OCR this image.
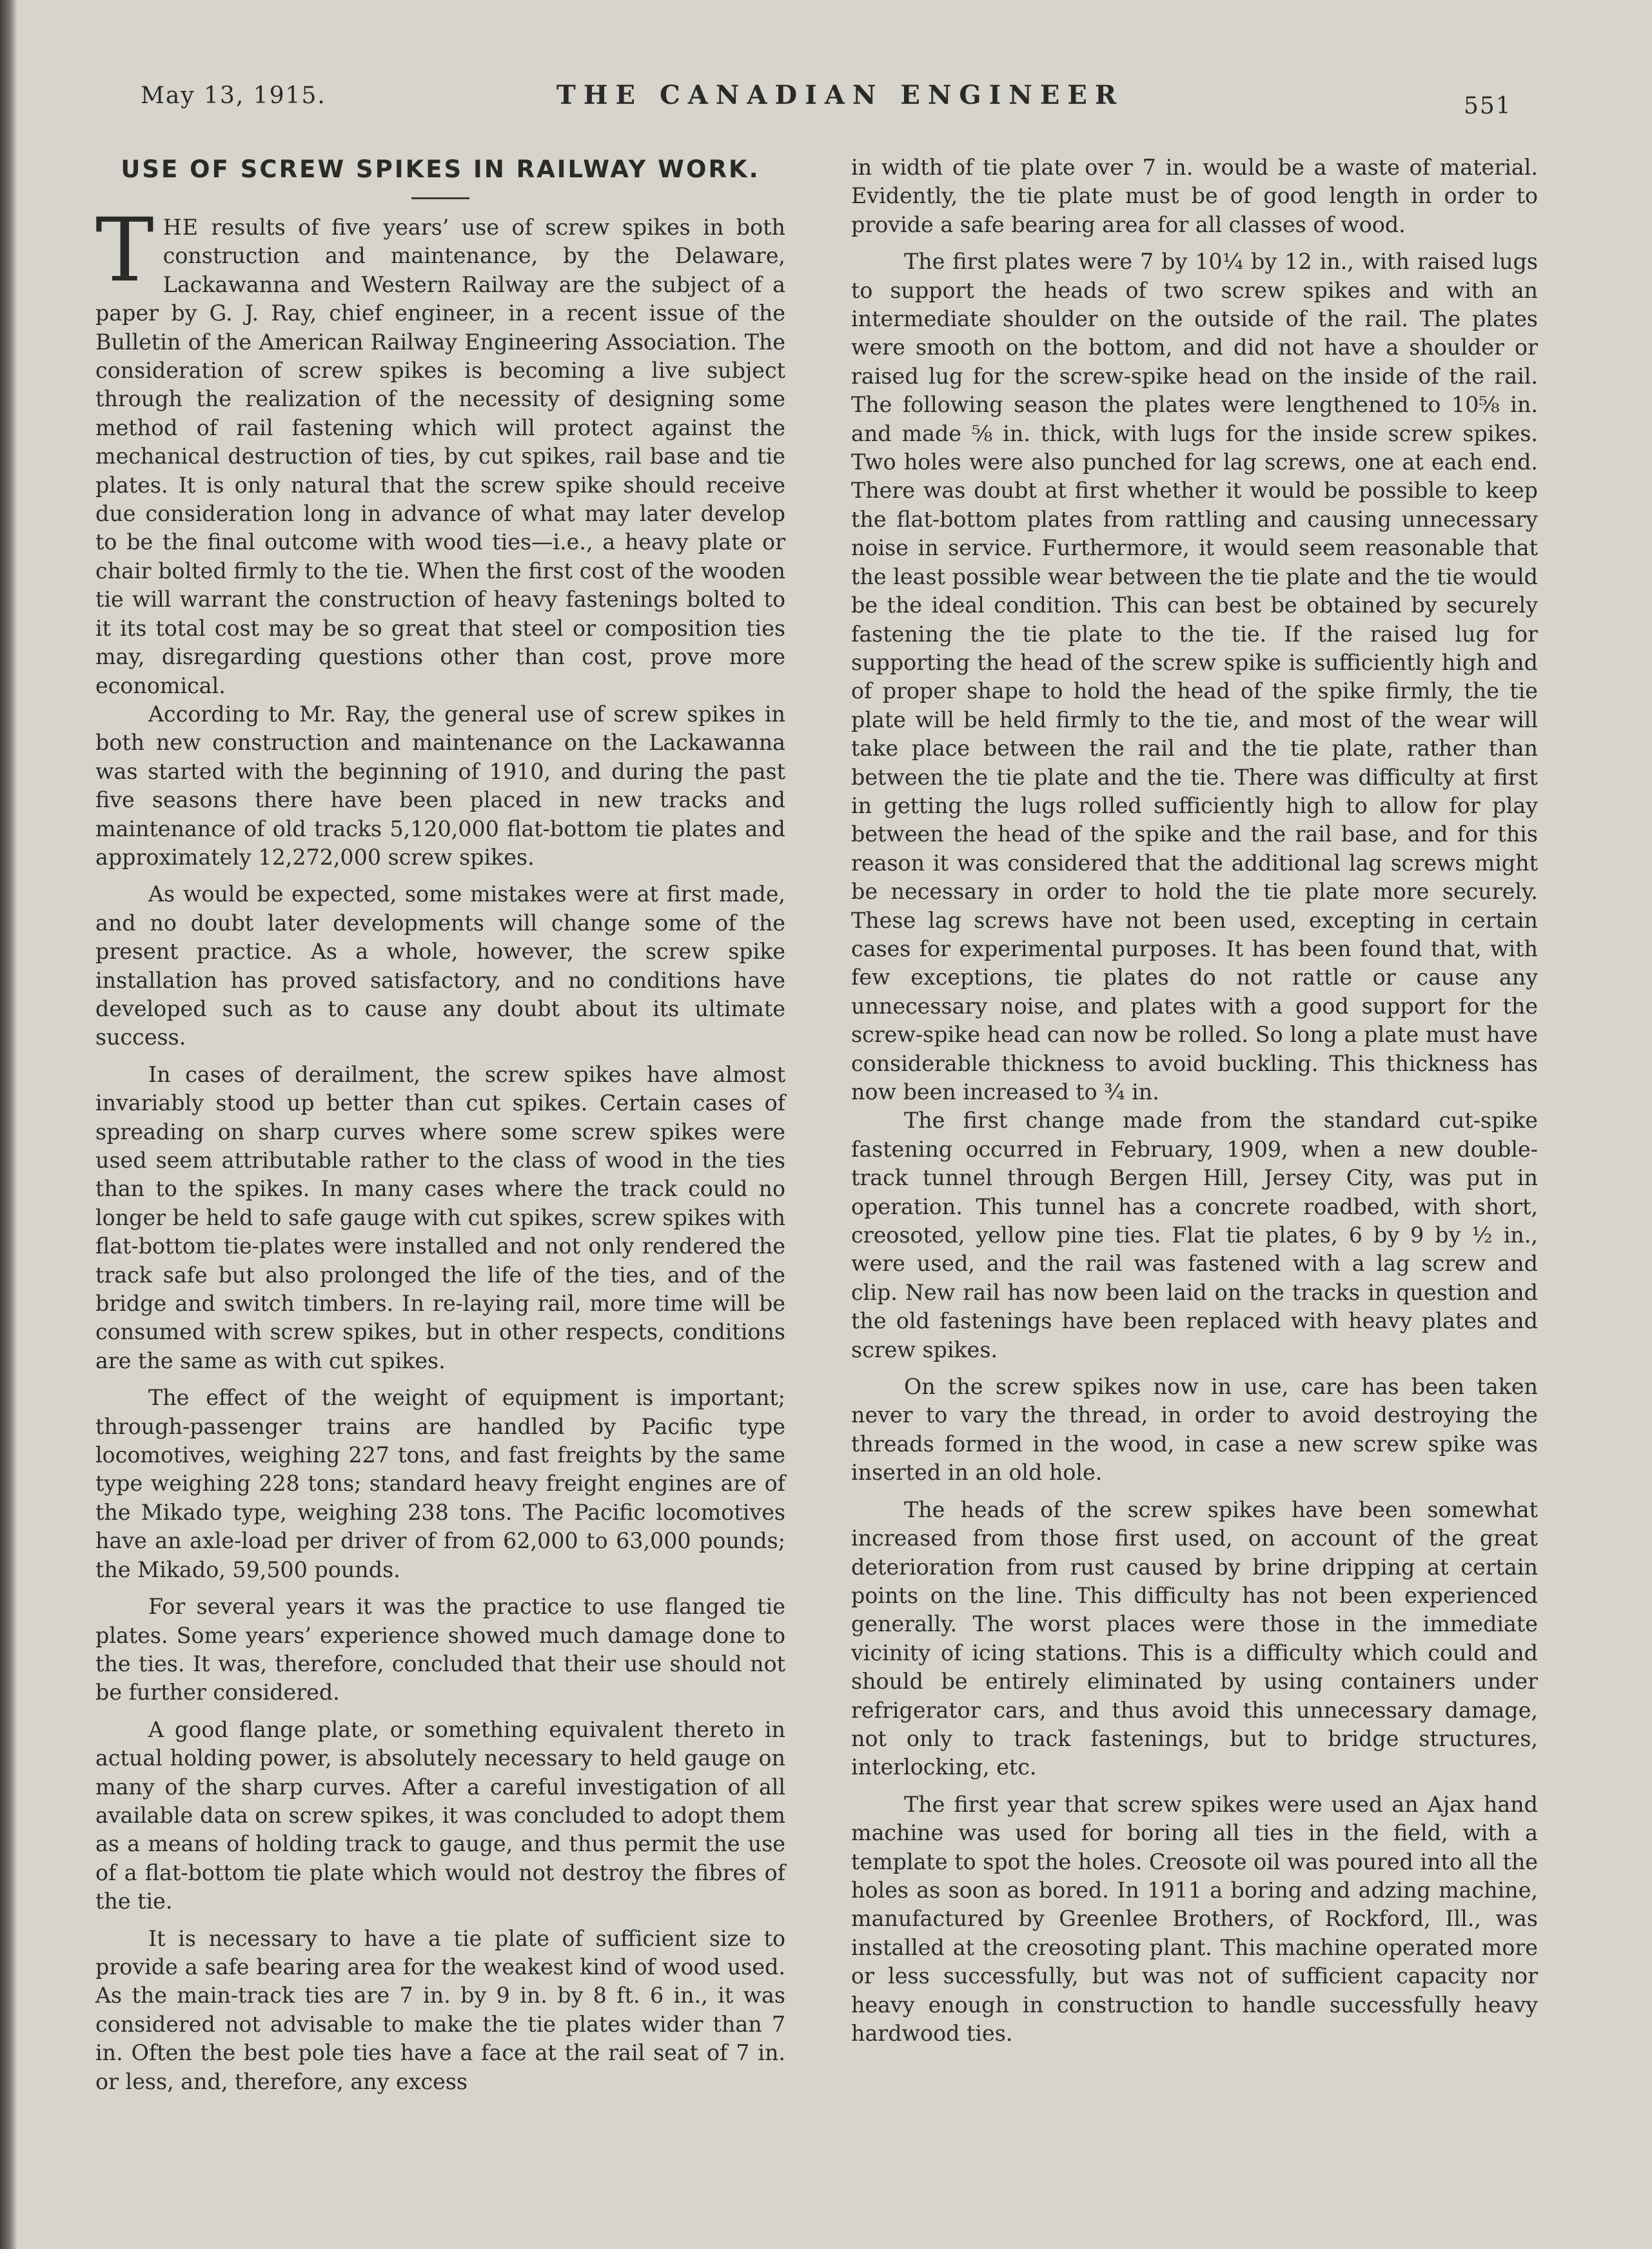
May 13, 1915.	THE CANADIAN ENGINEER	551
USE OF SCREW SPIKES IN RAILWAY WORK.

THE results of five years’ use of screw spikes in both construction and maintenance, by the Delaware, Lackawanna and Western Railway are the subject of a paper by G. J. Ray, chief engineer, in a recent issue of the Bulletin of the American Railway Engineering Association. The consideration of screw spikes is becoming a live subject through the realization of the necessity of designing some method of rail fastening which will protect against the mechanical destruction of ties, by cut spikes, rail base and tie plates. It is only natural that the screw spike should receive due consideration long in advance of what may later develop to be the final outcome with wood ties—i.e., a heavy plate or chair bolted firmly to the tie. When the first cost of the wooden tie will warrant the construction of heavy fastenings bolted to it its total cost may be so great that steel or composition ties may, disregarding questions other than cost, prove more economical.

According to Mr. Ray, the general use of screw spikes in both new construction and maintenance on the Lackawanna was started with the beginning of 1910, and during the past five seasons there have been placed in new tracks and maintenance of old tracks 5,120,000 flat-bottom tie plates and approximately 12,272,000 screw spikes.

As would be expected, some mistakes were at first made, and no doubt later developments will change some of the present practice. As a whole, however, the screw spike installation has proved satisfactory, and no conditions have developed such as to cause any doubt about its ultimate success.

In cases of derailment, the screw spikes have almost invariably stood up better than cut spikes. Certain cases of spreading on sharp curves where some screw spikes were used seem attributable rather to the class of wood in the ties than to the spikes. In many cases where the track could no longer be held to safe gauge with cut spikes, screw spikes with flat-bottom tie-plates were installed and not only rendered the track safe but also prolonged the life of the ties, and of the bridge and switch timbers. In re-laying rail, more time will be consumed with screw spikes, but in other respects, conditions are the same as with cut spikes.

The effect of the weight of equipment is important; through-passenger trains are handled by Pacific type locomotives, weighing 227 tons, and fast freights by the same type weighing 228 tons; standard heavy freight engines are of the Mikado type, weighing 238 tons. The Pacific locomotives have an axle-load per driver of from 62,000 to 63,000 pounds; the Mikado, 59,500 pounds.

For several years it was the practice to use flanged tie plates. Some years’ experience showed much damage done to the ties. It was, therefore, concluded that their use should not be further considered.

A good flange plate, or something equivalent thereto in actual holding power, is absolutely necessary to held gauge on many of the sharp curves. After a careful investigation of all available data on screw spikes, it was concluded to adopt them as a means of holding track to gauge, and thus permit the use of a flat-bottom tie plate which would not destroy the fibres of the tie.

It is necessary to have a tie plate of sufficient size to provide a safe bearing area for the weakest kind of wood used. As the main-track ties are 7 in. by 9 in. by 8 ft. 6 in., it was considered not advisable to make the tie plates wider than 7 in. Often the best pole ties have a face at the rail seat of 7 in. or less, and, therefore, any excess

in width of tie plate over 7 in. would be a waste of material. Evidently, the tie plate must be of good length in order to provide a safe bearing area for all classes of wood.

The first plates were 7 by 10¼ by 12 in., with raised lugs to support the heads of two screw spikes and with an intermediate shoulder on the outside of the rail. The plates were smooth on the bottom, and did not have a shoulder or raised lug for the screw-spike head on the inside of the rail. The following season the plates were lengthened to 10⅝ in. and made ⅝ in. thick, with lugs for the inside screw spikes. Two holes were also punched for lag screws, one at each end. There was doubt at first whether it would be possible to keep the flat-bottom plates from rattling and causing unnecessary noise in service. Furthermore, it would seem reasonable that the least possible wear between the tie plate and the tie would be the ideal condition. This can best be obtained by securely fastening the tie plate to the tie. If the raised lug for supporting the head of the screw spike is sufficiently high and of proper shape to hold the head of the spike firmly, the tie plate will be held firmly to the tie, and most of the wear will take place between the rail and the tie plate, rather than between the tie plate and the tie. There was difficulty at first in getting the lugs rolled sufficiently high to allow for play between the head of the spike and the rail base, and for this reason it was considered that the additional lag screws might be necessary in order to hold the tie plate more securely. These lag screws have not been used, excepting in certain cases for experimental purposes. It has been found that, with few exceptions, tie plates do not rattle or cause any unnecessary noise, and plates with a good support for the screw-spike head can now be rolled. So long a plate must have considerable thickness to avoid buckling. This thickness has now been increased to ¾ in.

The first change made from the standard cut-spike fastening occurred in February, 1909, when a new double-track tunnel through Bergen Hill, Jersey City, was put in operation. This tunnel has a concrete roadbed, with short, creosoted, yellow pine ties. Flat tie plates, 6 by 9 by ½ in., were used, and the rail was fastened with a lag screw and clip. New rail has now been laid on the tracks in question and the old fastenings have been replaced with heavy plates and screw spikes.

On the screw spikes now in use, care has been taken never to vary the thread, in order to avoid destroying the threads formed in the wood, in case a new screw spike was inserted in an old hole.

The heads of the screw spikes have been somewhat increased from those first used, on account of the great deterioration from rust caused by brine dripping at certain points on the line. This difficulty has not been experienced generally. The worst places were those in the immediate vicinity of icing stations. This is a difficulty which could and should be entirely eliminated by using containers under refrigerator cars, and thus avoid this unnecessary damage, not only to track fastenings, but to bridge structures, interlocking, etc.

The first year that screw spikes were used an Ajax hand machine was used for boring all ties in the field, with a template to spot the holes. Creosote oil was poured into all the holes as soon as bored. In 1911 a boring and adzing machine, manufactured by Greenlee Brothers, of Rockford, Ill., was installed at the creosoting plant. This machine operated more or less successfully, but was not of sufficient capacity nor heavy enough in construction to handle successfully heavy hardwood ties.
